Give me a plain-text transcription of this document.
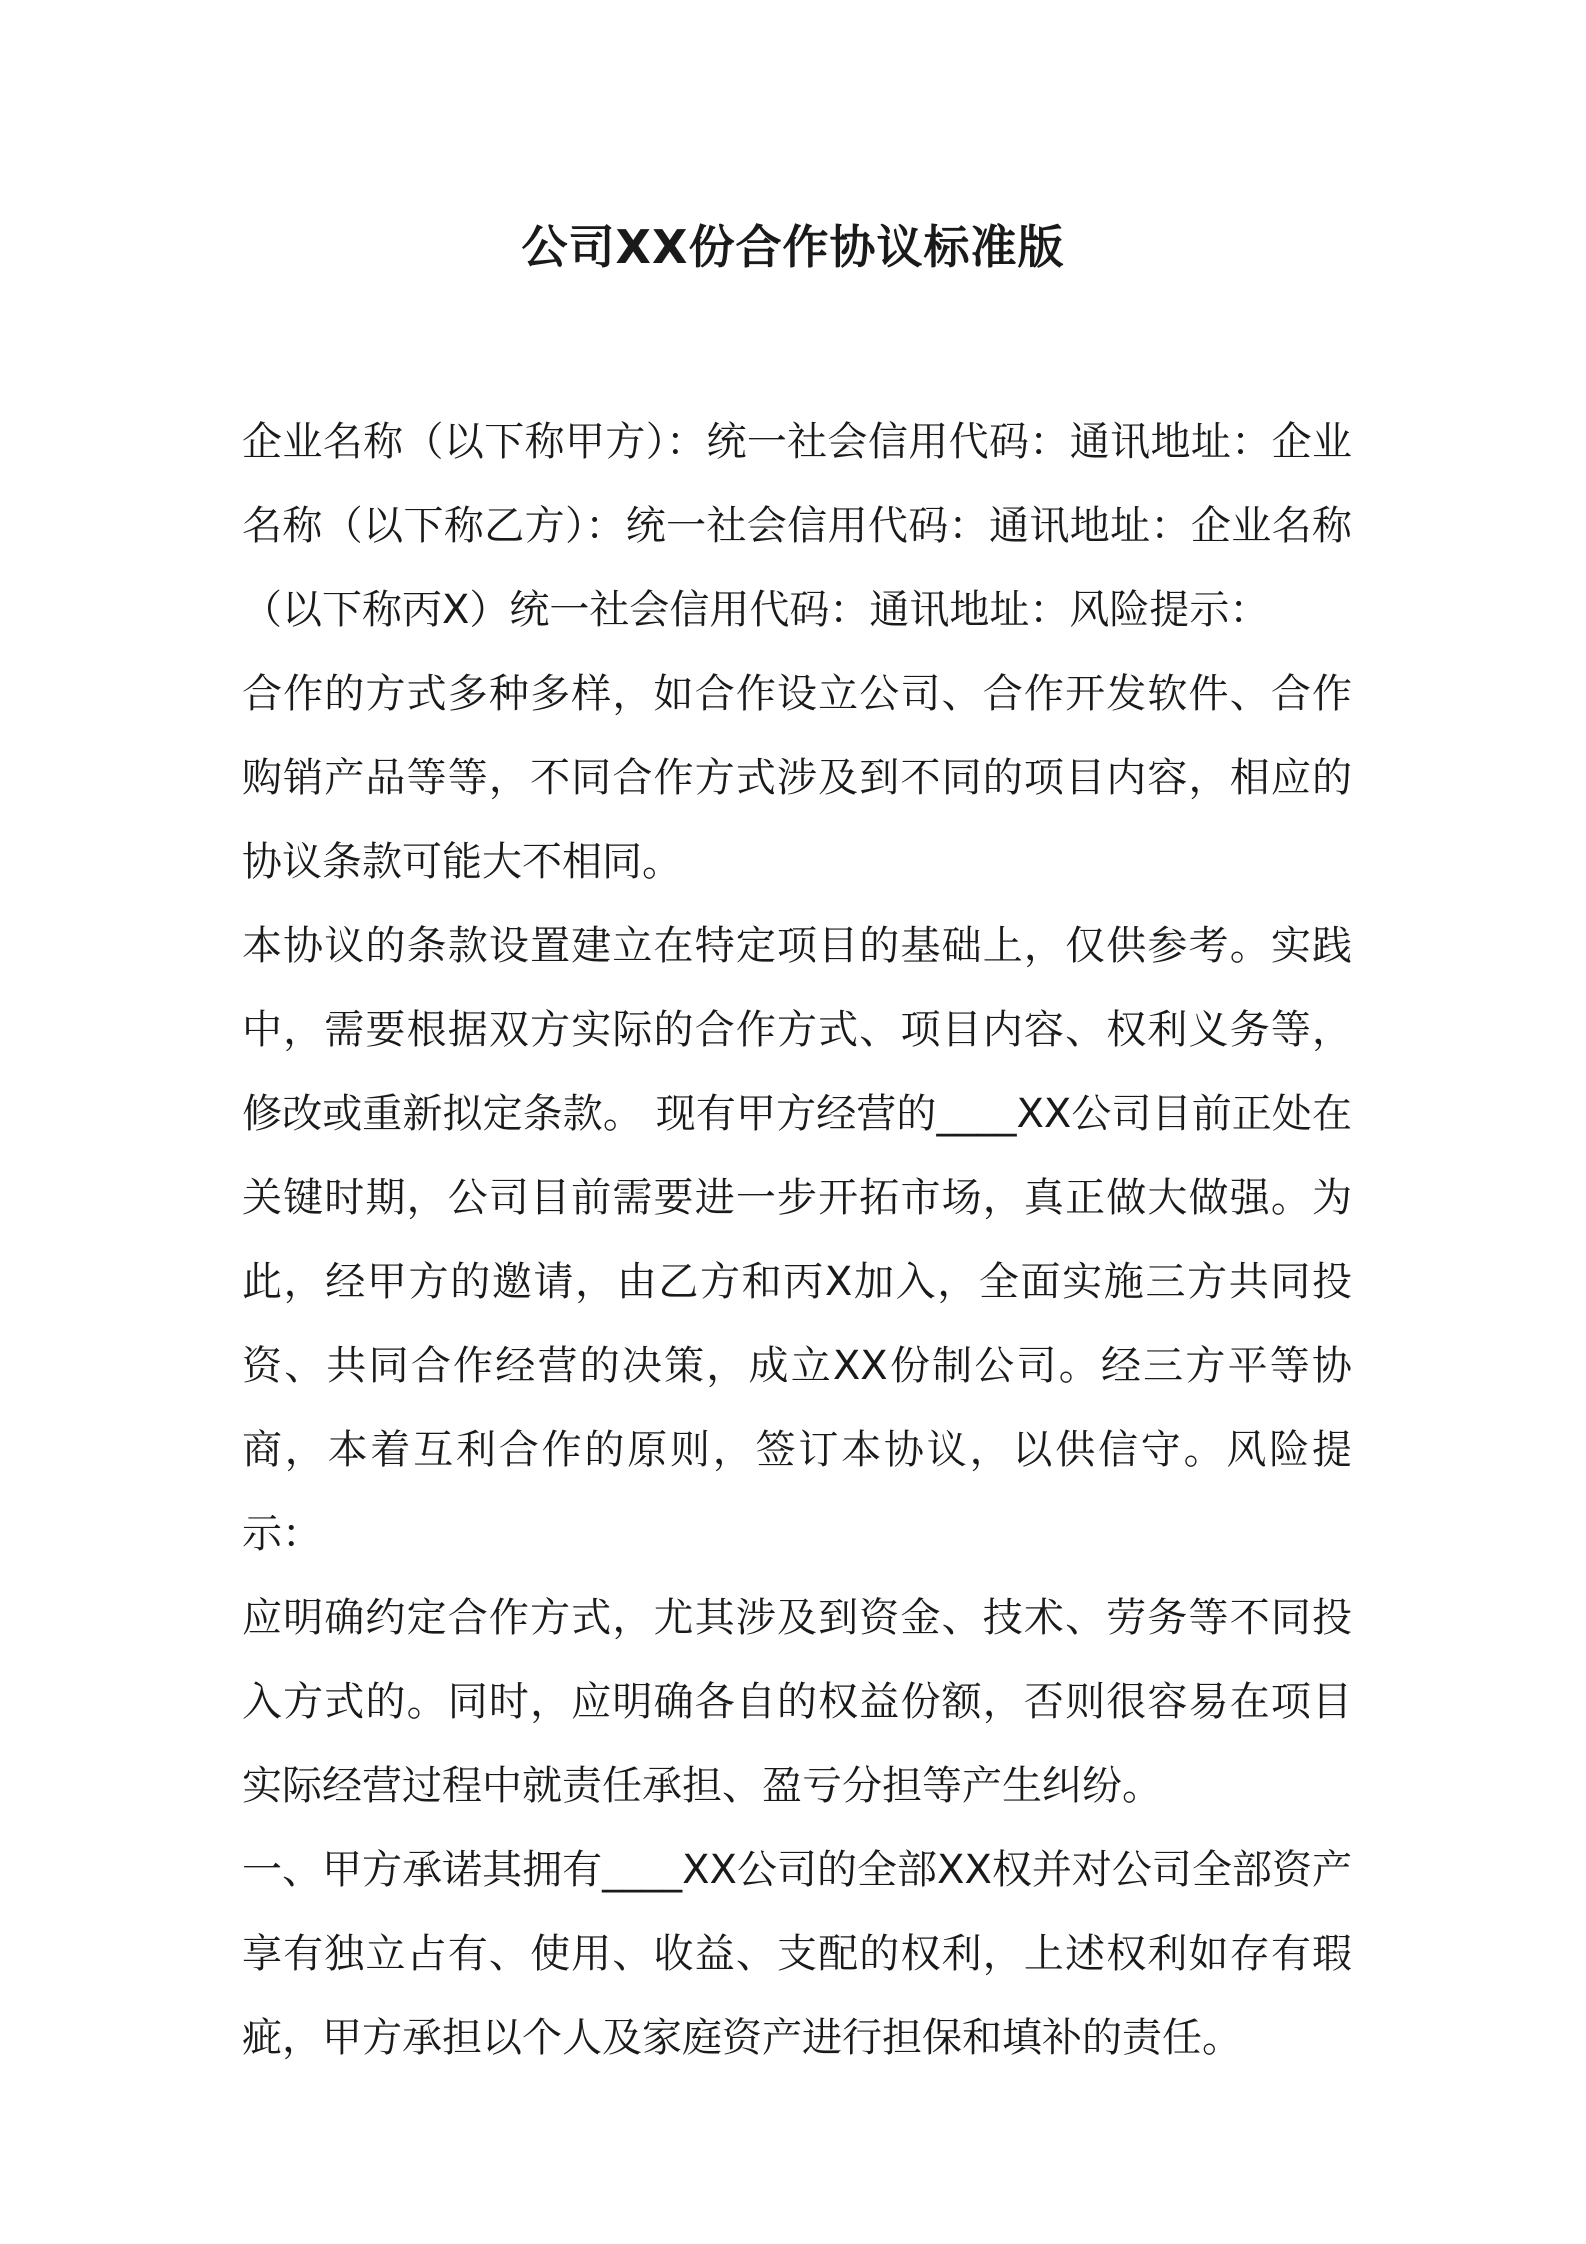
公司XX份合作协议标准版

企业名称（以下称甲方）：统一社会信用代码：通讯地址：企业名称（以下称乙方）：统一社会信用代码：通讯地址：企业名称（以下称丙X）统一社会信用代码：通讯地址：风险提示：

合作的方式多种多样，如合作设立公司、合作开发软件、合作购销产品等等，不同合作方式涉及到不同的项目内容，相应的协议条款可能大不相同。

本协议的条款设置建立在特定项目的基础上，仅供参考。实践中，需要根据双方实际的合作方式、项目内容、权利义务等，修改或重新拟定条款。 现有甲方经营的____XX公司目前正处在关键时期，公司目前需要进一步开拓市场，真正做大做强。为此，经甲方的邀请，由乙方和丙X加入，全面实施三方共同投资、共同合作经营的决策，成立XX份制公司。经三方平等协商，本着互利合作的原则，签订本协议，以供信守。风险提示：

应明确约定合作方式，尤其涉及到资金、技术、劳务等不同投入方式的。同时，应明确各自的权益份额，否则很容易在项目实际经营过程中就责任承担、盈亏分担等产生纠纷。

一、甲方承诺其拥有____XX公司的全部XX权并对公司全部资产享有独立占有、使用、收益、支配的权利，上述权利如存有瑕疵，甲方承担以个人及家庭资产进行担保和填补的责任。
